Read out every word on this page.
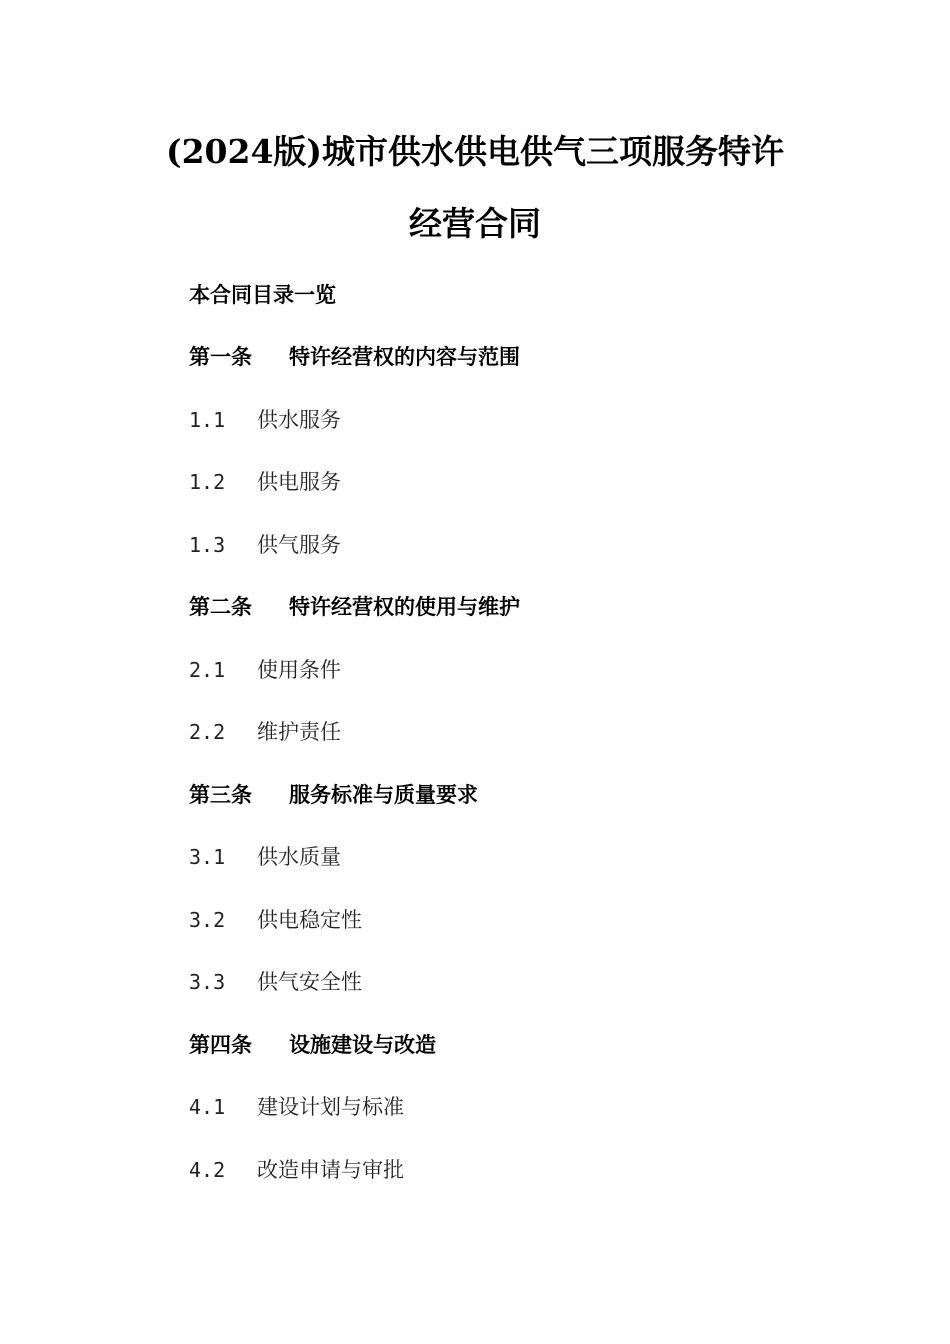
(2024版)城市供水供电供气三项服务特许
经营合同
本合同目录一览
第一条 特许经营权的内容与范围
1.1 供水服务
1.2 供电服务
1.3 供气服务
第二条 特许经营权的使用与维护
2.1 使用条件
2.2 维护责任
第三条 服务标准与质量要求
3.1 供水质量
3.2 供电稳定性
3.3 供气安全性
第四条 设施建设与改造
4.1 建设计划与标准
4.2 改造申请与审批
